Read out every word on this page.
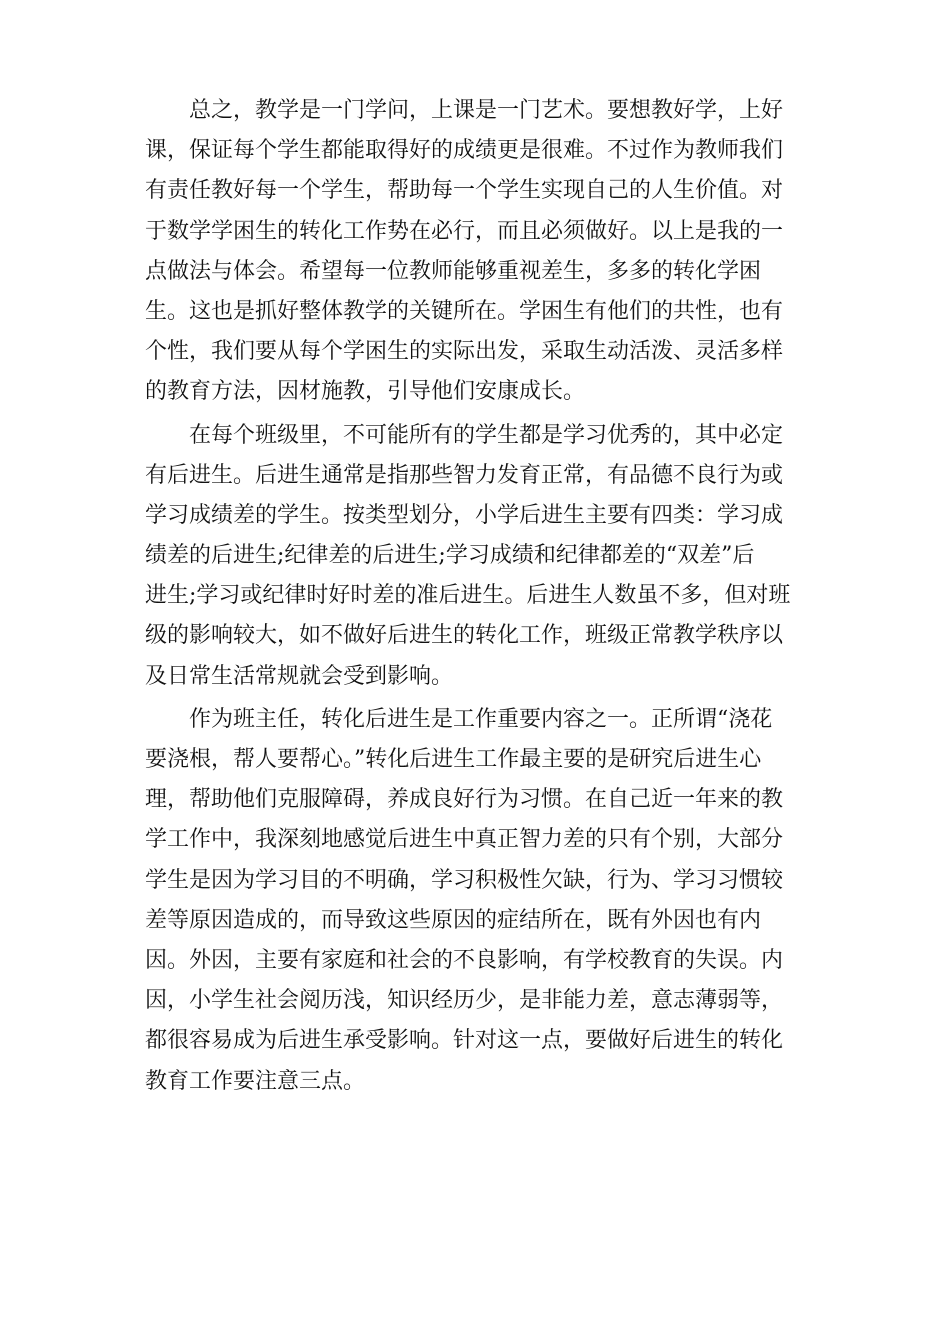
总之，教学是一门学问，上课是一门艺术。要想教好学，上好
课，保证每个学生都能取得好的成绩更是很难。不过作为教师我们
有责任教好每一个学生，帮助每一个学生实现自己的人生价值。对
于数学学困生的转化工作势在必行，而且必须做好。以上是我的一
点做法与体会。希望每一位教师能够重视差生，多多的转化学困
生。这也是抓好整体教学的关键所在。学困生有他们的共性，也有
个性，我们要从每个学困生的实际出发，采取生动活泼、灵活多样
的教育方法，因材施教，引导他们安康成长。
在每个班级里，不可能所有的学生都是学习优秀的，其中必定
有后进生。后进生通常是指那些智力发育正常，有品德不良行为或
学习成绩差的学生。按类型划分，小学后进生主要有四类：学习成
绩差的后进生;纪律差的后进生;学习成绩和纪律都差的“双差”后
进生;学习或纪律时好时差的准后进生。后进生人数虽不多，但对班
级的影响较大，如不做好后进生的转化工作，班级正常教学秩序以
及日常生活常规就会受到影响。
作为班主任，转化后进生是工作重要内容之一。正所谓“浇花
要浇根，帮人要帮心。”转化后进生工作最主要的是研究后进生心
理，帮助他们克服障碍，养成良好行为习惯。在自己近一年来的教
学工作中，我深刻地感觉后进生中真正智力差的只有个别，大部分
学生是因为学习目的不明确，学习积极性欠缺，行为、学习习惯较
差等原因造成的，而导致这些原因的症结所在，既有外因也有内
因。外因，主要有家庭和社会的不良影响，有学校教育的失误。内
因，小学生社会阅历浅，知识经历少，是非能力差，意志薄弱等，
都很容易成为后进生承受影响。针对这一点，要做好后进生的转化
教育工作要注意三点。
